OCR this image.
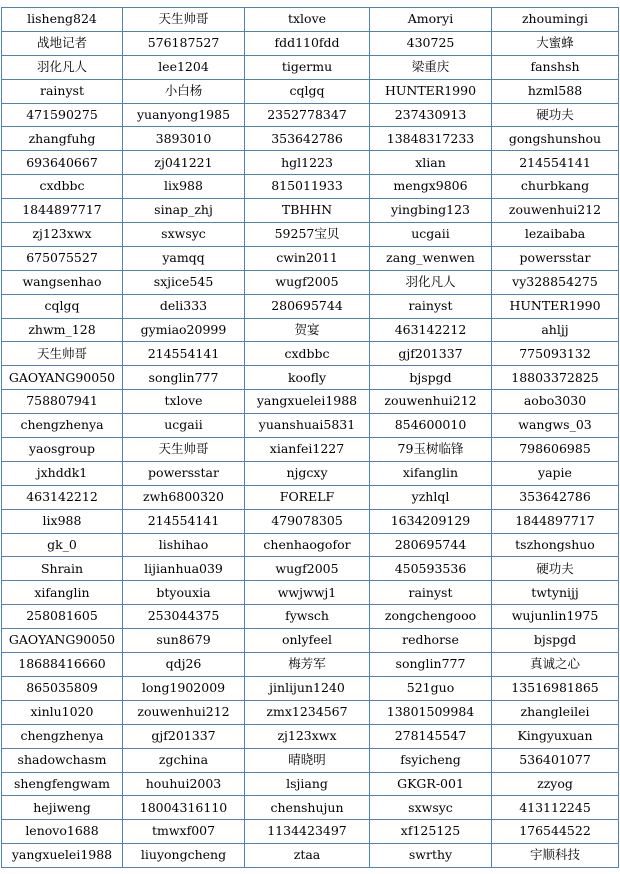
lisheng824	天生帅哥	txlove	Amoryi	zhoumingi
战地记者	576187527	fdd110fdd	430725	大蜜蜂
羽化凡人	lee1204	tigermu	梁重庆	fanshsh
rainyst	小白杨	cqlgq	HUNTER1990	hzml588
471590275	yuanyong1985	2352778347	237430913	硬功夫
zhangfuhg	3893010	353642786	13848317233	gongshunshou
693640667	zj041221	hgl1223	xlian	214554141
cxdbbc	lix988	815011933	mengx9806	churbkang
1844897717	sinap_zhj	TBHHN	yingbing123	zouwenhui212
zj123xwx	sxwsyc	59257宝贝	ucgaii	lezaibaba
675075527	yamqq	cwin2011	zang_wenwen	powersstar
wangsenhao	sxjice545	wugf2005	羽化凡人	vy328854275
cqlgq	deli333	280695744	rainyst	HUNTER1990
zhwm_128	gymiao20999	贺宴	463142212	ahljj
天生帅哥	214554141	cxdbbc	gjf201337	775093132
GAOYANG90050	songlin777	koofly	bjspgd	18803372825
758807941	txlove	yangxuelei1988	zouwenhui212	aobo3030
chengzhenya	ucgaii	yuanshuai5831	854600010	wangws_03
yaosgroup	天生帅哥	xianfei1227	79玉树临锋	798606985
jxhddk1	powersstar	njgcxy	xifanglin	yapie
463142212	zwh6800320	FORELF	yzhlql	353642786
lix988	214554141	479078305	1634209129	1844897717
gk_0	lishihao	chenhaogofor	280695744	tszhongshuo
Shrain	lijianhua039	wugf2005	450593536	硬功夫
xifanglin	btyouxia	wwjwwj1	rainyst	twtynijj
258081605	253044375	fywsch	zongchengooo	wujunlin1975
GAOYANG90050	sun8679	onlyfeel	redhorse	bjspgd
18688416660	qdj26	梅芳军	songlin777	真诚之心
865035809	long1902009	jinlijun1240	521guo	13516981865
xinlu1020	zouwenhui212	zmx1234567	13801509984	zhangleilei
chengzhenya	gjf201337	zj123xwx	278145547	Kingyuxuan
shadowchasm	zgchina	晴晓明	fsyicheng	536401077
shengfengwam	houhui2003	lsjiang	GKGR-001	zzyog
hejiweng	18004316110	chenshujun	sxwsyc	413112245
lenovo1688	tmwxf007	1134423497	xf125125	176544522
yangxuelei1988	liuyongcheng	ztaa	swrthy	宇顺科技
